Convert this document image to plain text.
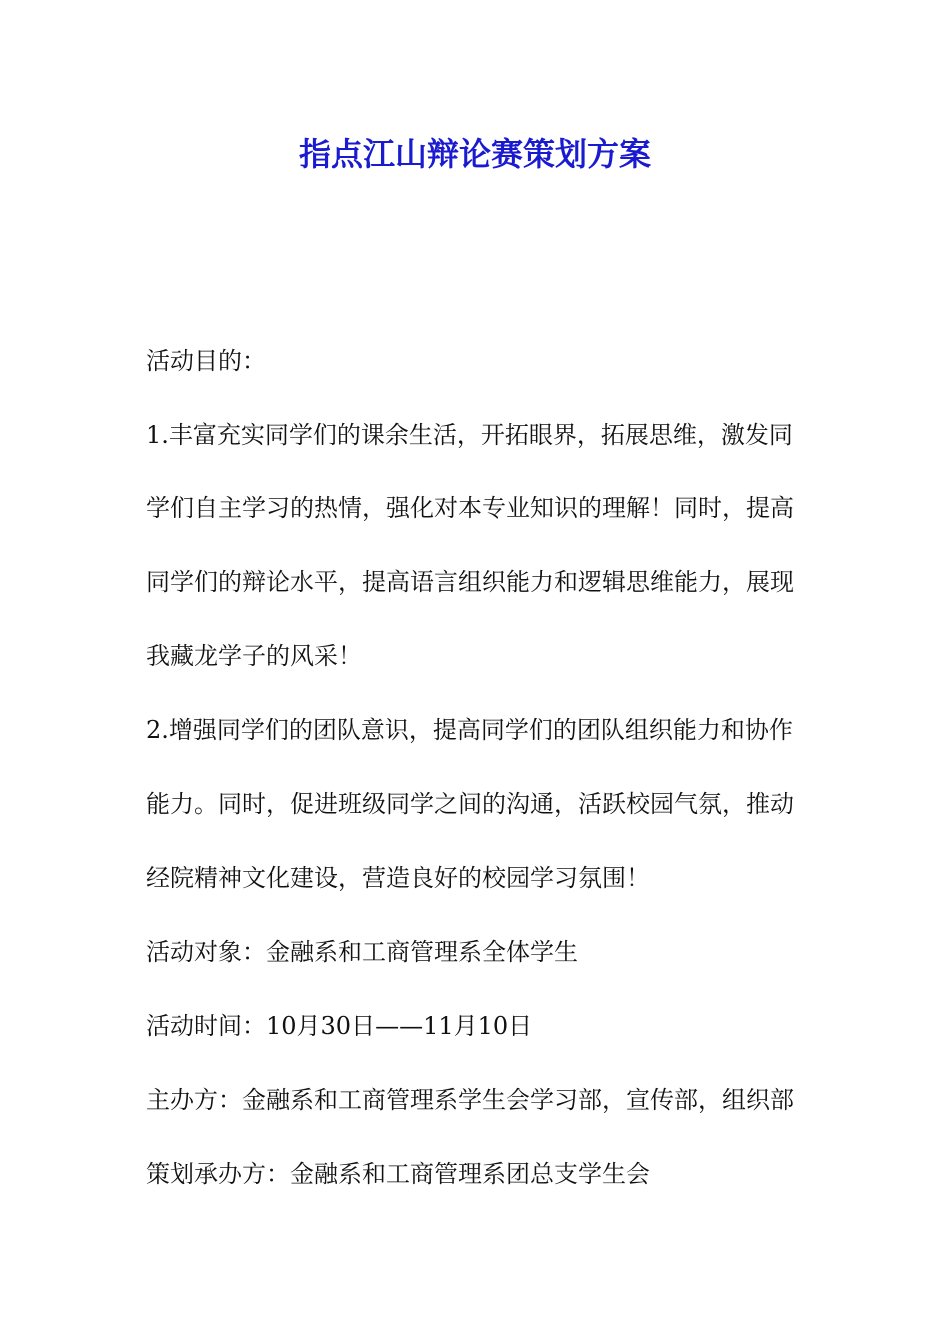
指点江山辩论赛策划方案
活动目的：
1.丰富充实同学们的课余生活，开拓眼界，拓展思维，激发同
学们自主学习的热情，强化对本专业知识的理解！同时，提高
同学们的辩论水平，提高语言组织能力和逻辑思维能力，展现
我藏龙学子的风采！
2.增强同学们的团队意识，提高同学们的团队组织能力和协作
能力。同时，促进班级同学之间的沟通，活跃校园气氛，推动
经院精神文化建设，营造良好的校园学习氛围！
活动对象：金融系和工商管理系全体学生
活动时间：10月30日——11月10日
主办方：金融系和工商管理系学生会学习部，宣传部，组织部
策划承办方：金融系和工商管理系团总支学生会
